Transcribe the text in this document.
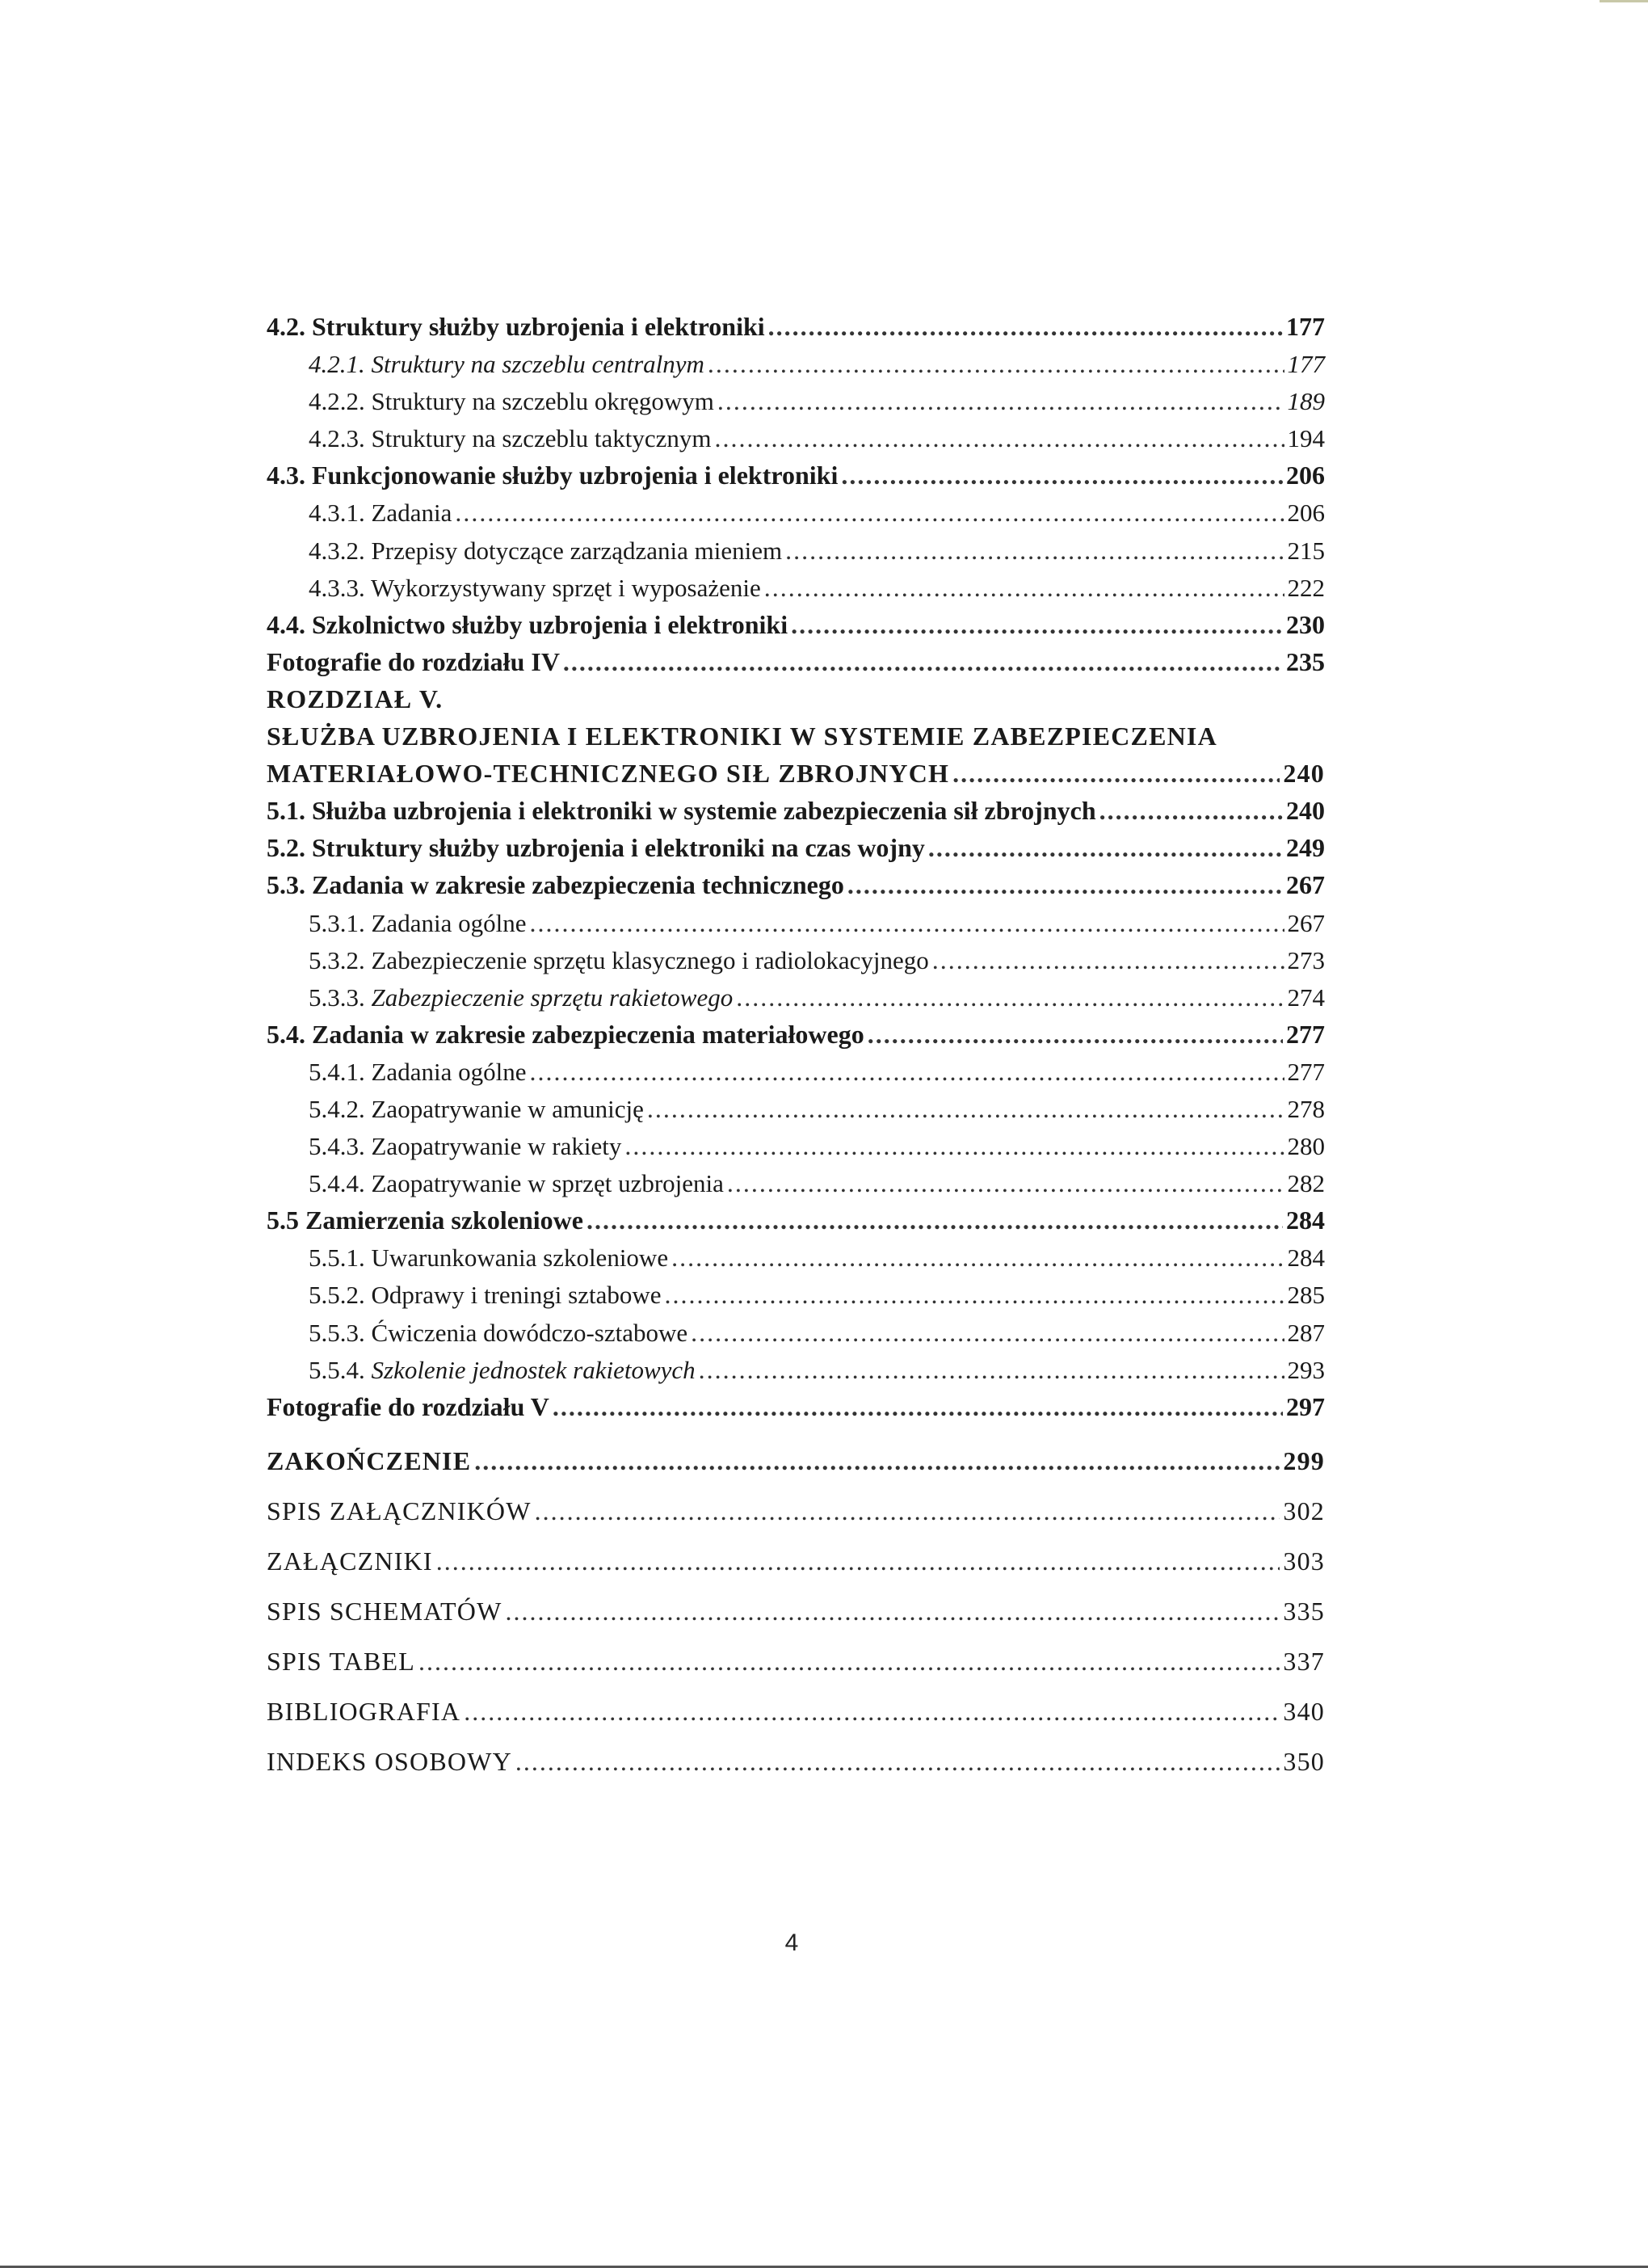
4.2. Struktury służby uzbrojenia i elektroniki .....	177
4.2.1. Struktury na szczeblu centralnym .....	177
4.2.2. Struktury na szczeblu okręgowym .....	189
4.2.3. Struktury na szczeblu taktycznym .....	194
4.3. Funkcjonowanie służby uzbrojenia i elektroniki .....	206
4.3.1. Zadania .....	206
4.3.2. Przepisy dotyczące zarządzania mieniem .....	215
4.3.3. Wykorzystywany sprzęt i wyposażenie .....	222
4.4. Szkolnictwo służby uzbrojenia i elektroniki .....	230
Fotografie do rozdziału IV .....	235
ROZDZIAŁ V.
SŁUŻBA UZBROJENIA I ELEKTRONIKI W SYSTEMIE ZABEZPIECZENIA
MATERIAŁOWO-TECHNICZNEGO SIŁ ZBROJNYCH .....	240
5.1. Służba uzbrojenia i elektroniki w systemie zabezpieczenia sił zbrojnych .....	240
5.2. Struktury służby uzbrojenia i elektroniki na czas wojny .....	249
5.3. Zadania w zakresie zabezpieczenia technicznego .....	267
5.3.1. Zadania ogólne .....	267
5.3.2. Zabezpieczenie sprzętu klasycznego i radiolokacyjnego .....	273
5.3.3. Zabezpieczenie sprzętu rakietowego .....	274
5.4. Zadania w zakresie zabezpieczenia materiałowego .....	277
5.4.1. Zadania ogólne .....	277
5.4.2. Zaopatrywanie w amunicję .....	278
5.4.3. Zaopatrywanie w rakiety .....	280
5.4.4. Zaopatrywanie w sprzęt uzbrojenia .....	282
5.5 Zamierzenia szkoleniowe .....	284
5.5.1. Uwarunkowania szkoleniowe .....	284
5.5.2. Odprawy i treningi sztabowe .....	285
5.5.3. Ćwiczenia dowódczo-sztabowe .....	287
5.5.4. Szkolenie jednostek rakietowych .....	293
Fotografie do rozdziału V .....	297
ZAKOŃCZENIE .....	299
SPIS ZAŁĄCZNIKÓW .....	302
ZAŁĄCZNIKI .....	303
SPIS SCHEMATÓW .....	335
SPIS TABEL .....	337
BIBLIOGRAFIA .....	340
INDEKS OSOBOWY .....	350
4
